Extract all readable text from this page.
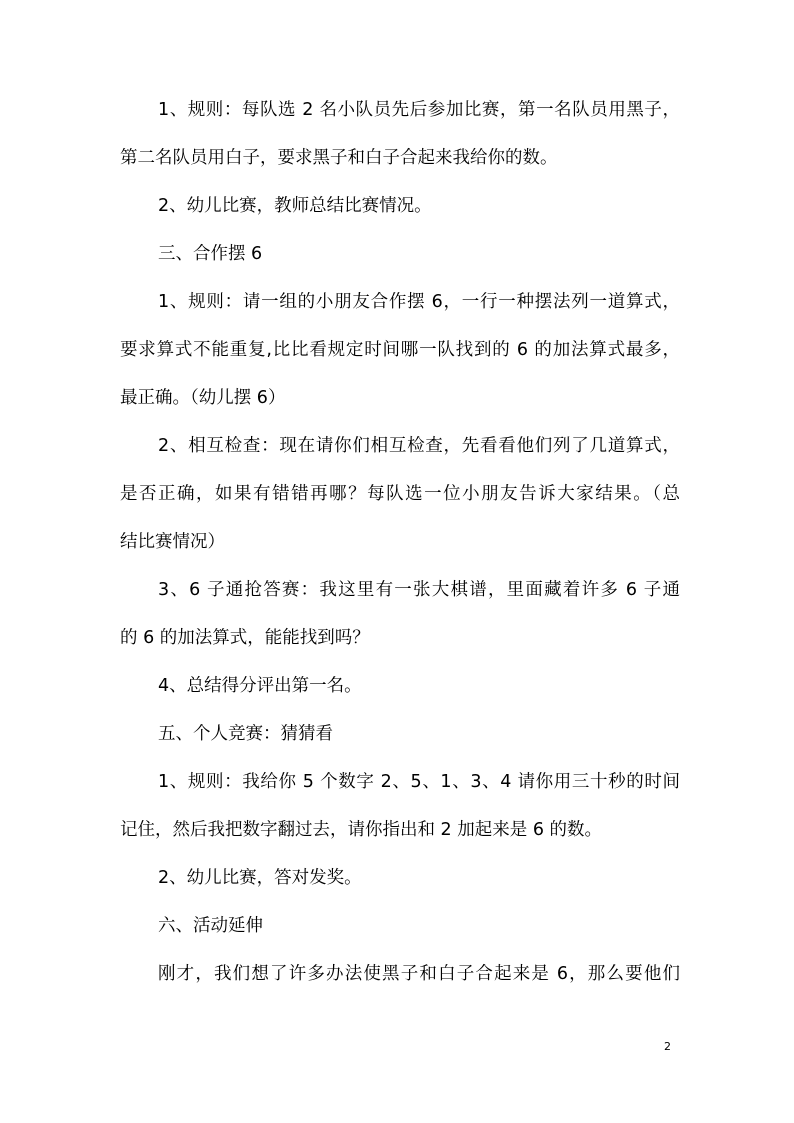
1、规则：每队选 2 名小队员先后参加比赛，第一名队员用黑子，
第二名队员用白子，要求黑子和白子合起来我给你的数。

2、幼儿比赛，教师总结比赛情况。

三、合作摆 6

1、规则：请一组的小朋友合作摆 6，一行一种摆法列一道算式，
要求算式不能重复,比比看规定时间哪一队找到的 6 的加法算式最多，
最正确。（幼儿摆 6）

2、相互检查：现在请你们相互检查，先看看他们列了几道算式，
是否正确，如果有错错再哪？每队选一位小朋友告诉大家结果。（总
结比赛情况）

3、6 子通抢答赛：我这里有一张大棋谱，里面藏着许多 6 子通
的 6 的加法算式，能能找到吗？

4、总结得分评出第一名。

五、个人竞赛：猜猜看

1、规则：我给你 5 个数字 2、5、1、3、4 请你用三十秒的时间
记住，然后我把数字翻过去，请你指出和 2 加起来是 6 的数。

2、幼儿比赛，答对发奖。

六、活动延伸

刚才，我们想了许多办法使黑子和白子合起来是 6，那么要他们

2
